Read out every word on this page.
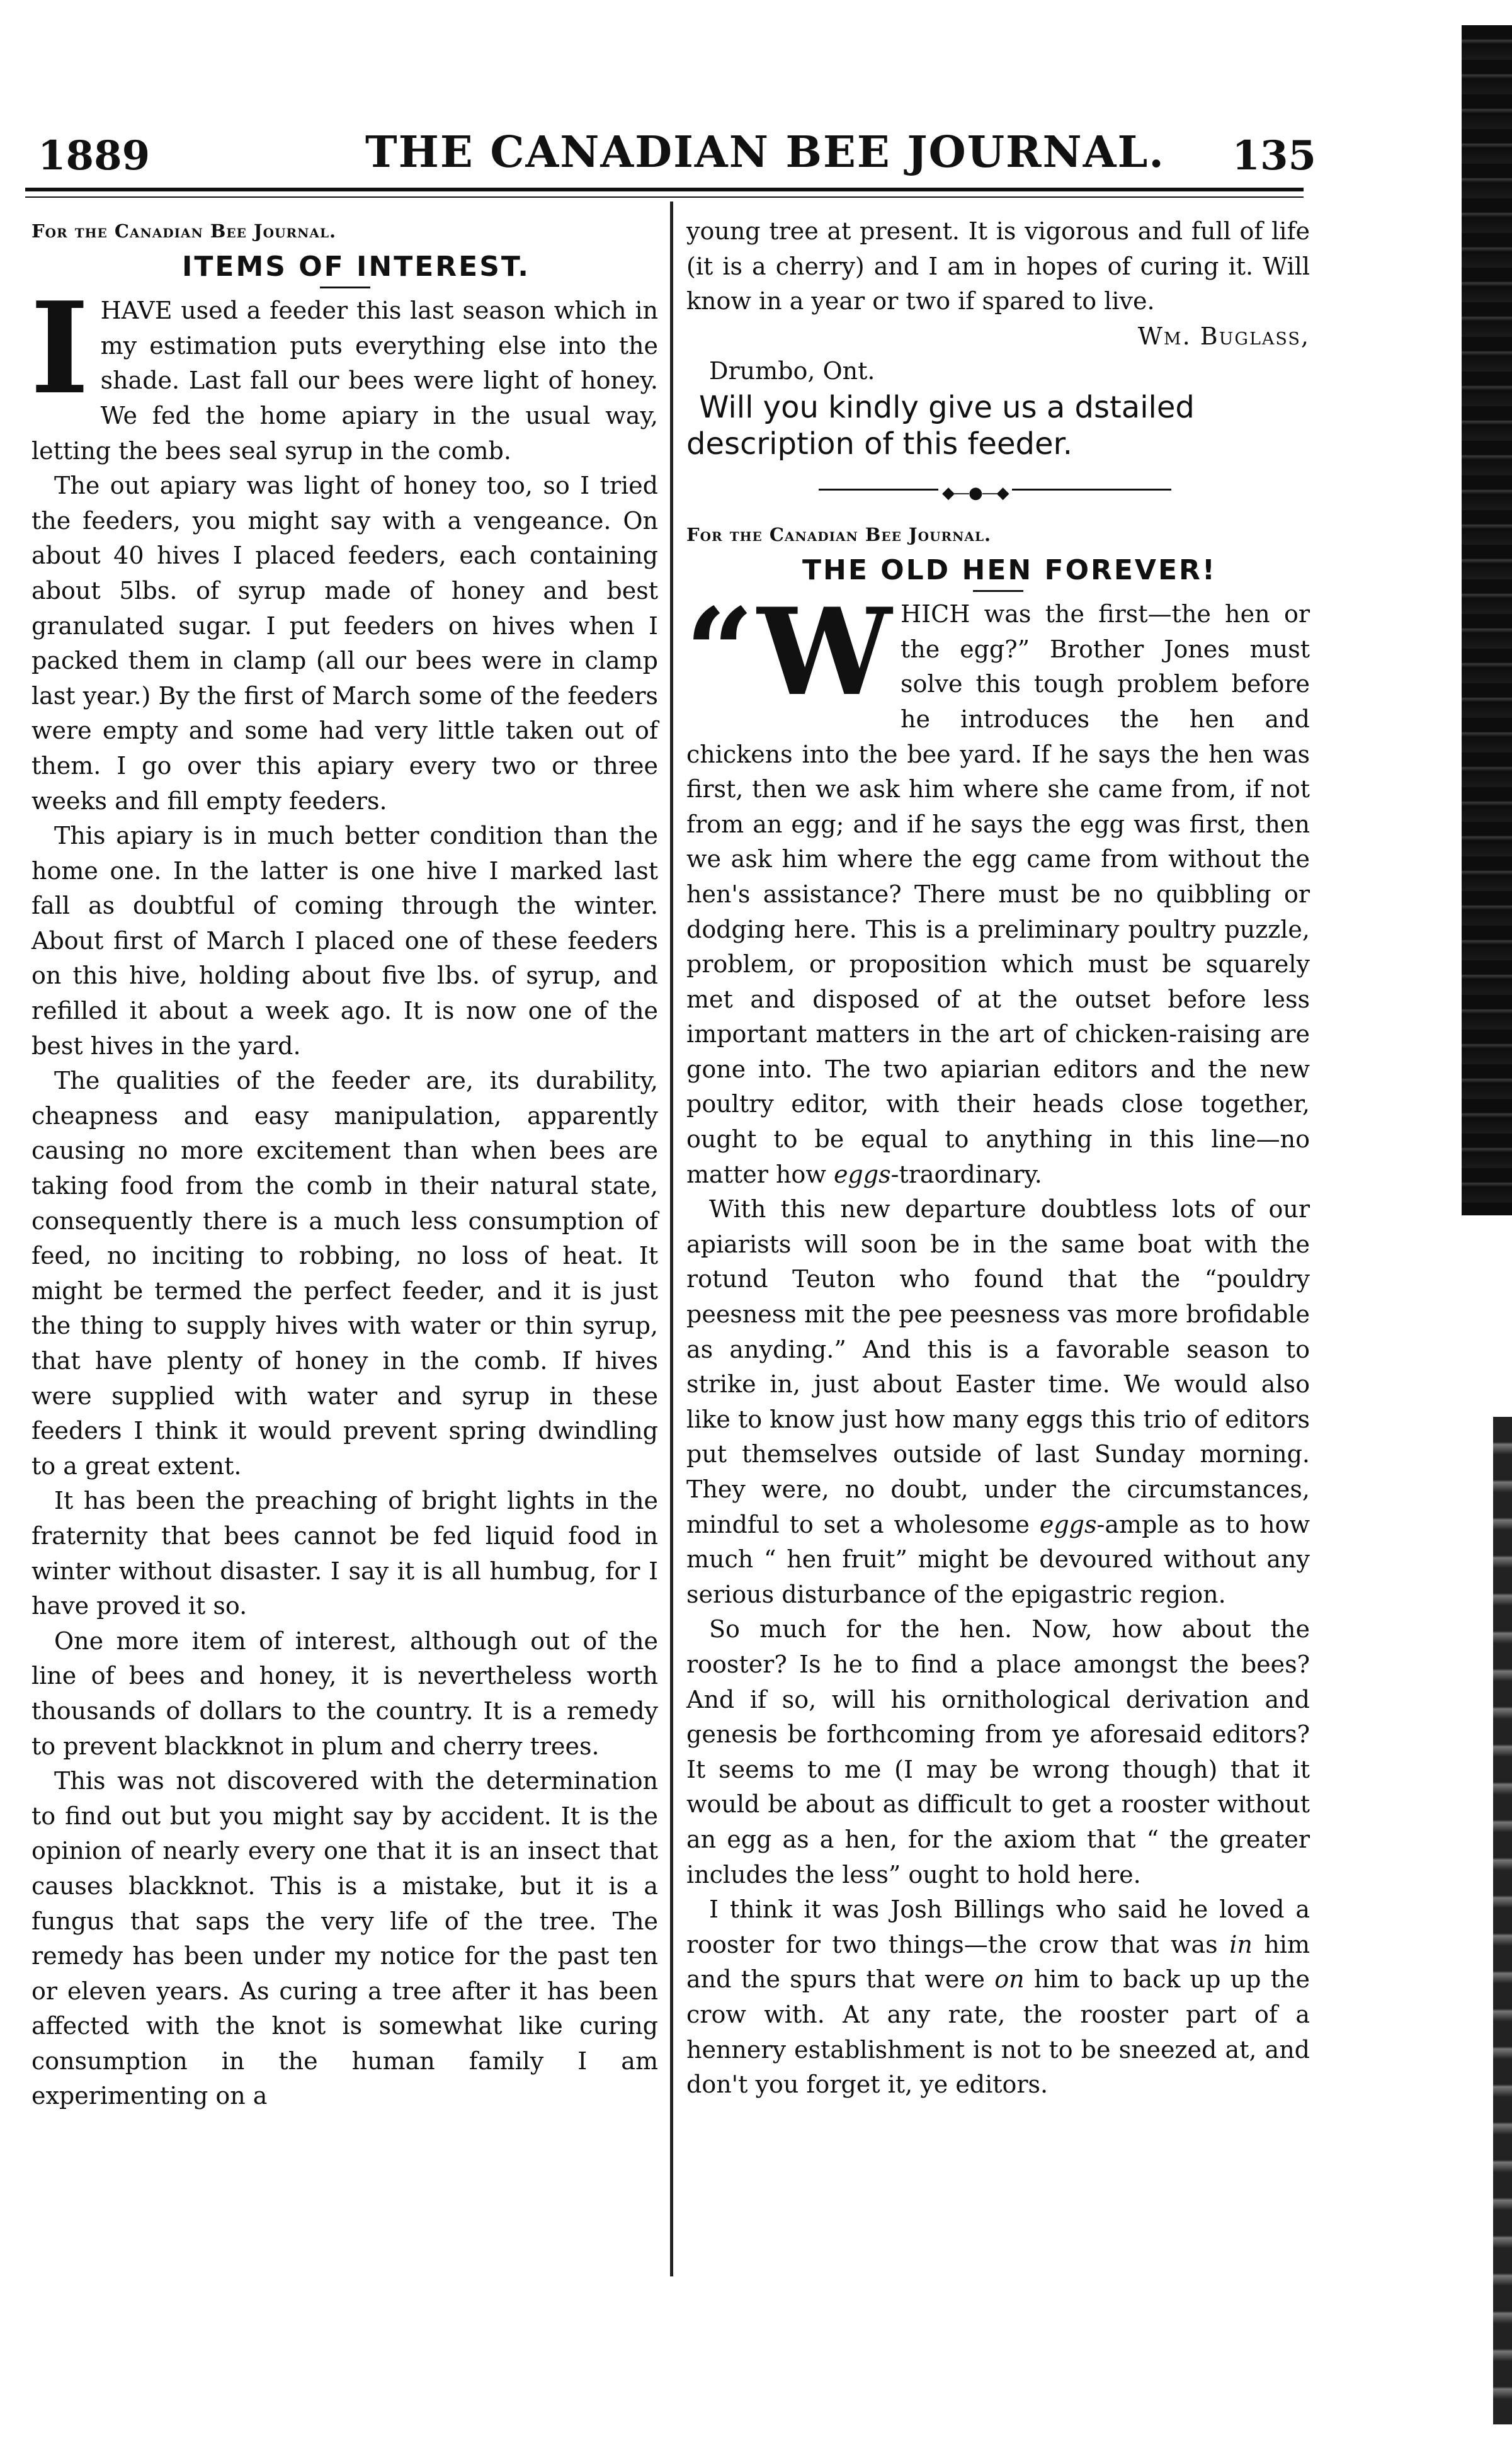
1889	THE CANADIAN BEE JOURNAL. 135

For the Canadian Bee Journal.

ITEMS OF INTEREST.

IHAVE used a feeder this last season which in my estimation puts everything else into the shade. Last fall our bees were light of honey. We fed the home apiary in the usual way, letting the bees seal syrup in the comb.

The out apiary was light of honey too, so I tried the feeders, you might say with a vengeance. On about 40 hives I placed feeders, each containing about 5lbs. of syrup made of honey and best granulated sugar. I put feeders on hives when I packed them in clamp (all our bees were in clamp last year.) By the first of March some of the feeders were empty and some had very little taken out of them. I go over this apiary every two or three weeks and fill empty feeders.

This apiary is in much better condition than the home one. In the latter is one hive I marked last fall as doubtful of coming through the winter. About first of March I placed one of these feeders on this hive, holding about five lbs. of syrup, and refilled it about a week ago. It is now one of the best hives in the yard.

The qualities of the feeder are, its durability, cheapness and easy manipulation, apparently causing no more excitement than when bees are taking food from the comb in their natural state, consequently there is a much less consumption of feed, no inciting to robbing, no loss of heat. It might be termed the perfect feeder, and it is just the thing to supply hives with water or thin syrup, that have plenty of honey in the comb. If hives were supplied with water and syrup in these feeders I think it would prevent spring dwindling to a great extent.

It has been the preaching of bright lights in the fraternity that bees cannot be fed liquid food in winter without disaster. I say it is all humbug, for I have proved it so.

One more item of interest, although out of the line of bees and honey, it is nevertheless worth thousands of dollars to the country. It is a remedy to prevent blackknot in plum and cherry trees.

This was not discovered with the determination to find out but you might say by accident. It is the opinion of nearly every one that it is an insect that causes blackknot. This is a mistake, but it is a fungus that saps the very life of the tree. The remedy has been under my notice for the past ten or eleven years. As curing a tree after it has been affected with the knot is somewhat like curing consumption in the human family I am experimenting on a

young tree at present. It is vigorous and full of life (it is a cherry) and I am in hopes of curing it. Will know in a year or two if spared to live.

Wm. Buglass,

Drumbo, Ont.

Will you kindly give us a dstailed description of this feeder.

◆—●—◆

For the Canadian Bee Journal.

THE OLD HEN FOREVER!

“W HICH was the first—the hen or the egg?” Brother Jones must solve this tough problem before he introduces the hen and chickens into the bee yard. If he says the hen was first, then we ask him where she came from, if not from an egg; and if he says the egg was first, then we ask him where the egg came from without the hen's assistance? There must be no quibbling or dodging here. This is a preliminary poultry puzzle, problem, or proposition which must be squarely met and disposed of at the outset before less important matters in the art of chicken-raising are gone into. The two apiarian editors and the new poultry editor, with their heads close together, ought to be equal to anything in this line—no matter how eggs-traordinary.

With this new departure doubtless lots of our apiarists will soon be in the same boat with the rotund Teuton who found that the “pouldry peesness mit the pee peesness vas more brofidable as anyding.” And this is a favorable season to strike in, just about Easter time. We would also like to know just how many eggs this trio of editors put themselves outside of last Sunday morning. They were, no doubt, under the circumstances, mindful to set a wholesome eggs-ample as to how much “ hen fruit” might be devoured without any serious disturbance of the epigastric region.

So much for the hen. Now, how about the rooster? Is he to find a place amongst the bees? And if so, will his ornithological derivation and genesis be forthcoming from ye aforesaid editors? It seems to me (I may be wrong though) that it would be about as difficult to get a rooster without an egg as a hen, for the axiom that “ the greater includes the less” ought to hold here.

I think it was Josh Billings who said he loved a rooster for two things—the crow that was in him and the spurs that were on him to back up up the crow with. At any rate, the rooster part of a hennery establishment is not to be sneezed at, and don't you forget it, ye editors.
